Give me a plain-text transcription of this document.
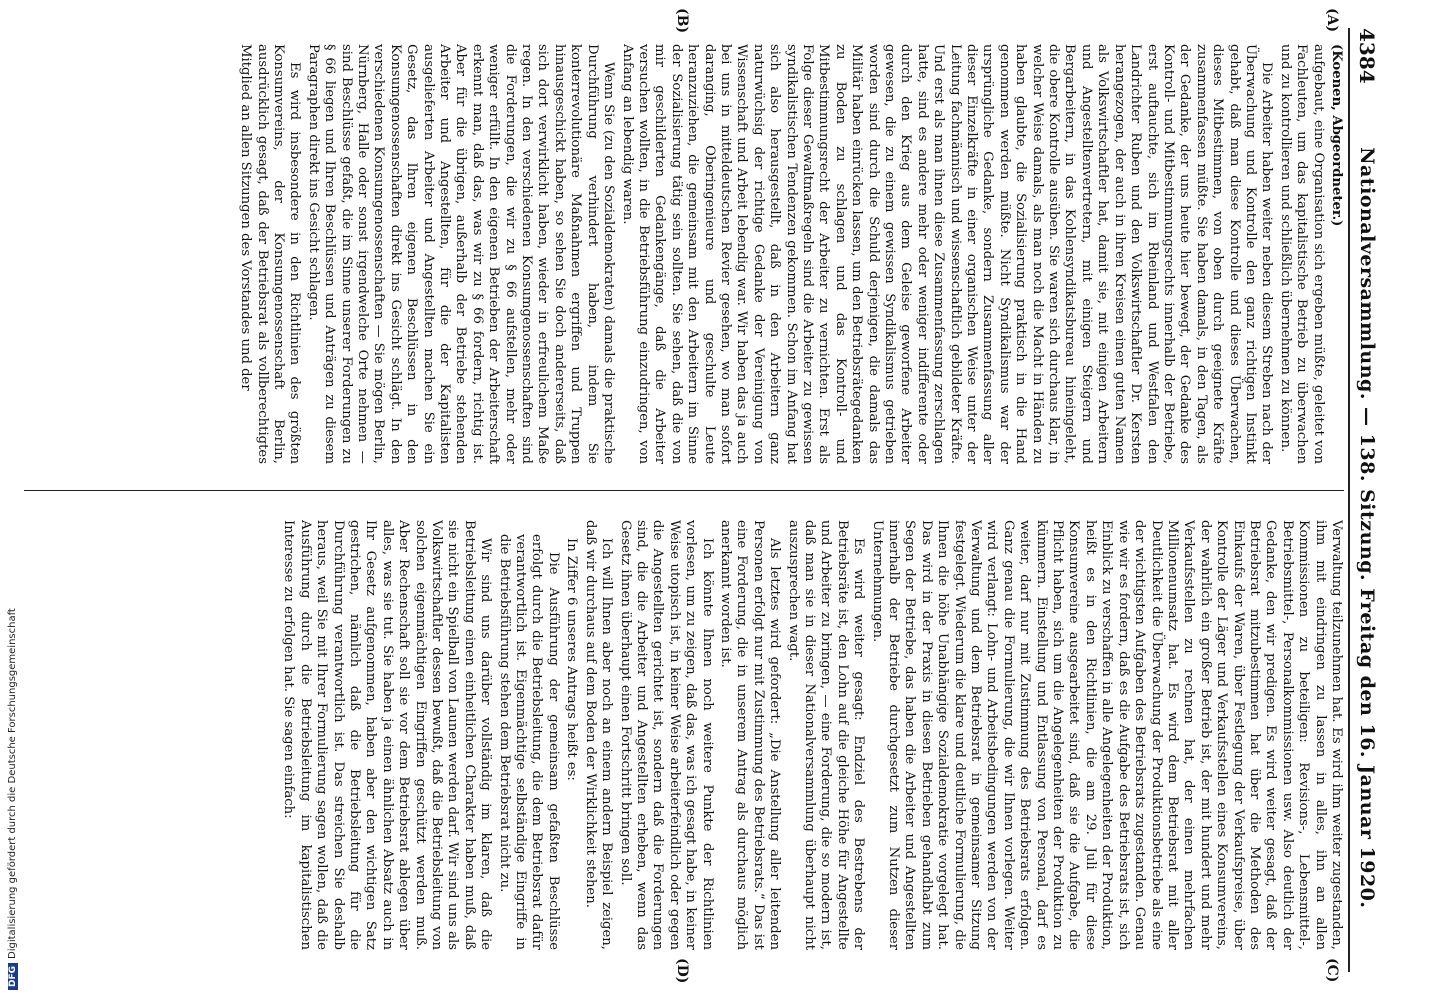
4384
Nationalversammlung. — 138. Sitzung. Freitag den 16. Januar 1920.
(A)
(B)
(C)
(D)

(Koenen, Abgeordneter.)

aufgebaut, eine Organisation sich ergeben müßte, geleitet von Fachleuten, um das kapitalistische Betrieb zu überwachen und zu kontrollieren und schließlich übernehmen zu können.

Die Arbeiter haben weiter neben diesem Streben nach der Überwachung und Kontrolle den ganz richtigen Instinkt gehabt, daß man diese Kontrolle und dieses Überwachen, dieses Mitbestimmen, von oben durch geeignete Kräfte zusammenfassen müßte. Sie haben damals, in den Tagen, als der Gedanke, der uns heute hier bewegt, der Gedanke des Kontroll- und Mitbestimmungsrechts innerhalb der Betriebe, erst auftauchte, sich im Rheinland und Westfalen den Landrichter Ruben und den Volkswirtschaftler Dr. Kersten herangezogen, der auch in ihren Kreisen einen guten Namen als Volkswirtschaftler hat, damit sie, mit einigen Arbeitern und Angestelltenvertretern, mit einigen Steigern und Bergarbeitern, in das Kohlensyndikatsbureau hineingeleht, die obere Kontrolle ausüben. Sie waren sich durchaus klar, in welcher Weise damals, als man noch die Macht in Händen zu haben glaubte, die Sozialisierung praktisch in die Hand genommen werden müßte. Nicht Syndikalismus war der ursprüngliche Gedanke, sondern Zusammenfassung aller dieser Einzelkräfte in einer organischen Weise unter der Leitung fachmännisch und wissenschaftlich gebildeter Kräfte. Und erst als man ihnen diese Zusammenfassung zerschlagen hatte, sind es andere mehr oder weniger indifferente oder durch den Krieg aus dem Geleise geworfene Arbeiter gewesen, die zu einem gewissen Syndikalismus getrieben worden sind durch die Schuld derjenigen, die damals das Militär haben einrücken lassen, um den Betriebsrätegedanken zu Boden zu schlagen und das Kontroll- und Mitbestimmungsrecht der Arbeiter zu vernichten. Erst als Folge dieser Gewaltmaßregeln sind die Arbeiter zu gewissen syndikalistischen Tendenzen gekommen. Schon im Anfang hat sich also herausgestellt, daß in den Arbeitern ganz naturwüchsig der richtige Gedanke der Vereinigung von Wissenschaft und Arbeit lebendig war. Wir haben das ja auch bei uns in mitteldeutschen Revier gesehen, wo man sofort daranging, Oberingenieure und geschulte Leute heranzuziehen, die gemeinsam mit den Arbeitern im Sinne der Sozialisierung tätig sein sollten. Sie sehen, daß die von mir geschilderten Gedankengänge, daß die Arbeiter versuchen wollten, in die Betriebsführung einzudringen, von Anfang an lebendig waren.

Wenn Sie (zu den Sozialdemokraten) damals die praktische Durchführung verhindert haben, indem Sie konterrevolutionäre Maßnahmen ergriffen und Truppen hinausgeschickt haben, so sehen Sie doch andererseits, daß sich dort verwirklicht haben, wieder in erfreulichem Maße regen. In den verschiedenen Konsumgenossenschaften sind die Forderungen, die wir zu § 66 aufstellen, mehr oder weniger erfüllt. In den eigenen Betrieben der Arbeiterschaft erkennt man, daß das, was wir zu § 66 fordern, richtig ist. Aber für die übrigen, außerhalb der Betriebe stehenden Arbeiter und Angestellten, für die der Kapitalisten ausgelieferten Arbeiter und Angestellten machen Sie ein Gesetz, das Ihren eigenen Beschlüssen in den Konsumgenossenschaften direkt ins Gesicht schlägt. In den verschiedenen Konsumgenossenschaften — Sie mögen Berlin, Nürnberg, Halle oder sonst irgendwelche Orte nehmen — sind Beschlüsse gefaßt, die im Sinne unserer Forderungen zu § 66 liegen und Ihren Beschlüssen und Anträgen zu diesem Paragraphen direkt ins Gesicht schlagen.

Es wird insbesondere in den Richtlinien des größten Konsumvereins, der Konsumgenossenschaft Berlin, ausdrücklich gesagt, daß der Betriebsrat als vollberechtigtes Mitglied an allen Sitzungen des Vorstandes und der

Verwaltung teilzunehmen hat. Es wird ihm weiter zugestanden, ihm mit eindringen zu lassen in alles, ihn an allen Kommissionen zu beteiligen: Revisions-, Lebensmittel-, Betriebsmittel-, Personalkommissionen usw. Also deutlich der Gedanke, den wir predigen. Es wird weiter gesagt, daß der Betriebsrat mitzubestimmen hat über die Methoden des Einkaufs der Waren, über Festlegung der Verkaufspreise, über Kontrolle der Läger und Verkaufsstellen eines Konsumvereins, der wahrlich ein großer Betrieb ist, der mit hundert und mehr Verkaufsstellen zu rechnen hat, der einen mehrfachen Millionenumsatz hat. Es wird dem Betriebsrat mit aller Deutlichkeit die Überwachung der Produktionsbetriebe als eine der wichtigsten Aufgaben des Betriebsrats zugestanden. Genau wie wir es fordern, daß es die Aufgabe des Betriebsrats ist, sich Einblick zu verschaffen in alle Angelegenheiten der Produktion, heißt es in den Richtlinien, die am 29. Juli für diese Konsumvereine ausgearbeitet sind, daß sie die Aufgabe, die Pflicht haben, sich um die Angelegenheiten der Produktion zu kümmern. Einstellung und Entlassung von Personal, darf es weiter, darf nur mit Zustimmung des Betriebsrats erfolgen. Ganz genau die Formulierung, die wir Ihnen vorlegen. Weiter wird verlangt: Lohn- und Arbeitsbedingungen werden von der Verwaltung und dem Betriebsrat in gemeinsamer Sitzung festgelegt. Wiederum die klare und deutliche Formulierung, die Ihnen die höhe Unabhängige Sozialdemokratie vorgelegt hat. Das wird in der Praxis in diesen Betrieben gehandhabt zum Segen der Betriebe, das haben die Arbeiter und Angestellten innerhalb der Betriebe durchgesetzt zum Nutzen dieser Unternehmungen.

Es wird weiter gesagt: Endziel des Bestrebens der Betriebsräte ist, den Lohn auf die gleiche Höhe für Angestellte und Arbeiter zu bringen, — eine Forderung, die so modern ist, daß man sie in dieser Nationalversammlung überhaupt nicht auszusprechen wagt.

Als letztes wird gefordert: „Die Anstellung aller leitenden Personen erfolgt nur mit Zustimmung des Betriebsrats.“ Das ist eine Forderung, die in unserem Antrag als durchaus möglich anerkannt worden ist.

Ich könnte Ihnen noch weitere Punkte der Richtlinien vorlesen, um zu zeigen, daß das, was ich gesagt habe, in keiner Weise utopisch ist, in keiner Weise arbeiterfeindlich oder gegen die Angestellten gerichtet ist, sondern daß die Forderungen sind, die die Arbeiter und Angestellten erheben, wenn das Gesetz ihnen überhaupt einen Fortschritt bringen soll.

Ich will Ihnen aber noch an einem andern Beispiel zeigen, daß wir durchaus auf dem Boden der Wirklichkeit stehen.

In Ziffer 6 unseres Antrags heißt es:

Die Ausführung der gemeinsam gefaßten Beschlüsse erfolgt durch die Betriebsleitung, die dem Betriebsrat dafür verantwortlich ist. Eigenmächtige selbständige Eingriffe in die Betriebsführung stehen dem Betriebsrat nicht zu.

Wir sind uns darüber vollständig im klaren, daß die Betriebsleitung einen einheitlichen Charakter haben muß, daß sie nicht ein Spielball von Launen werden darf. Wir sind uns als Volkswirtschaftler dessen bewußt, daß die Betriebsleitung von solchen eigenmächtigen Eingriffen geschützt werden muß. Aber Rechenschaft soll sie vor dem Betriebsrat ablegen über alles, was sie tut. Sie haben ja einen ähnlichen Absatz auch in Ihr Gesetz aufgenommen, haben aber den wichtigen Satz gestrichen, nämlich daß die Betriebsleitung für die Durchführung verantwortlich ist. Das streichen Sie deshalb heraus, weil Sie mit Ihrer Formulierung sagen wollen, daß die Ausführung durch die Betriebsleitung im kapitalistischen Interesse zu erfolgen hat. Sie sagen einfach:

DFGDigitalisierung gefördert durch die Deutsche Forschungsgemeinschaft
